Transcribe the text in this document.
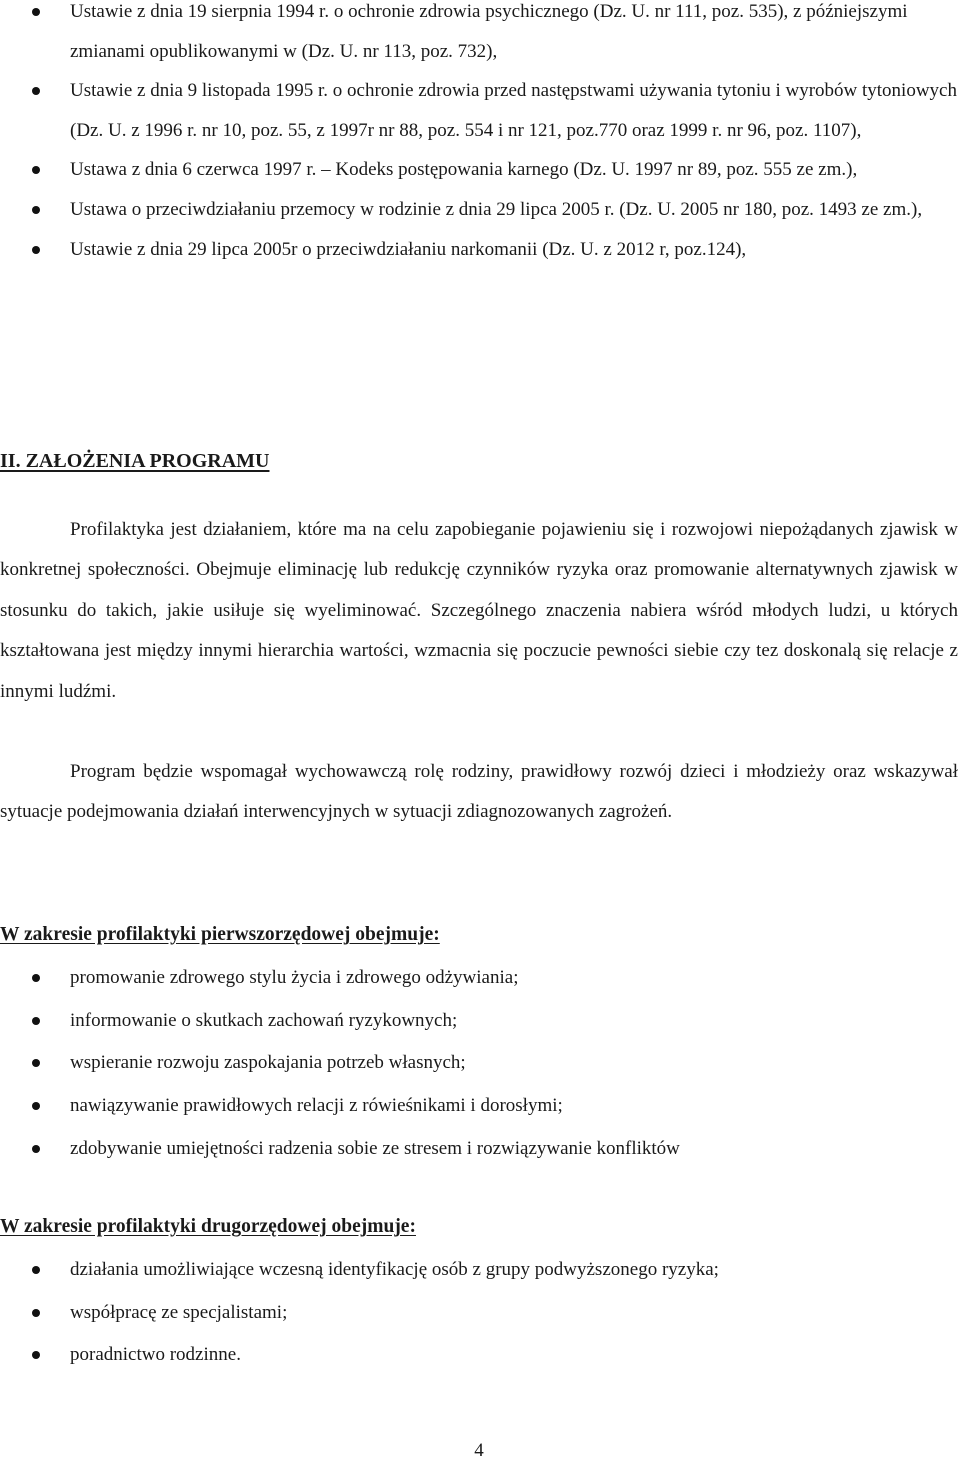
Ustawie z dnia 19 sierpnia 1994 r. o ochronie zdrowia psychicznego (Dz. U. nr 111, poz. 535), z późniejszymi zmianami opublikowanymi w (Dz. U. nr 113, poz. 732),
Ustawie z dnia 9 listopada 1995 r. o ochronie zdrowia przed następstwami używania tytoniu i wyrobów tytoniowych (Dz. U. z 1996 r. nr 10, poz. 55, z 1997r nr 88, poz. 554 i nr 121, poz.770 oraz 1999 r. nr 96, poz. 1107),
Ustawa z dnia 6 czerwca 1997 r. – Kodeks postępowania karnego (Dz. U. 1997 nr 89, poz. 555 ze zm.),
Ustawa o przeciwdziałaniu przemocy w rodzinie z dnia 29 lipca 2005 r. (Dz. U. 2005 nr 180, poz. 1493 ze zm.),
Ustawie z dnia 29 lipca 2005r o przeciwdziałaniu narkomanii (Dz. U. z 2012 r, poz.124),
II. ZAŁOŻENIA PROGRAMU

Profilaktyka jest działaniem, które ma na celu zapobieganie pojawieniu się i rozwojowi niepożądanych zjawisk w konkretnej społeczności. Obejmuje eliminację lub redukcję czynników ryzyka oraz promowanie alternatywnych zjawisk w stosunku do takich, jakie usiłuje się wyeliminować. Szczególnego znaczenia nabiera wśród młodych ludzi, u których kształtowana jest między innymi hierarchia wartości, wzmacnia się poczucie pewności siebie czy tez doskonalą się relacje z innymi ludźmi.

Program będzie wspomagał wychowawczą rolę rodziny, prawidłowy rozwój dzieci i młodzieży oraz wskazywał sytuacje podejmowania działań interwencyjnych w sytuacji zdiagnozowanych zagrożeń.

W zakresie profilaktyki pierwszorzędowej obejmuje:
promowanie zdrowego stylu życia i zdrowego odżywiania;
informowanie o skutkach zachowań ryzykownych;
wspieranie rozwoju zaspokajania potrzeb własnych;
nawiązywanie prawidłowych relacji z rówieśnikami i dorosłymi;
zdobywanie umiejętności radzenia sobie ze stresem i rozwiązywanie konfliktów
W zakresie profilaktyki drugorzędowej obejmuje:
działania umożliwiające wczesną identyfikację osób z grupy podwyższonego ryzyka;
współpracę ze specjalistami;
poradnictwo rodzinne.
4
